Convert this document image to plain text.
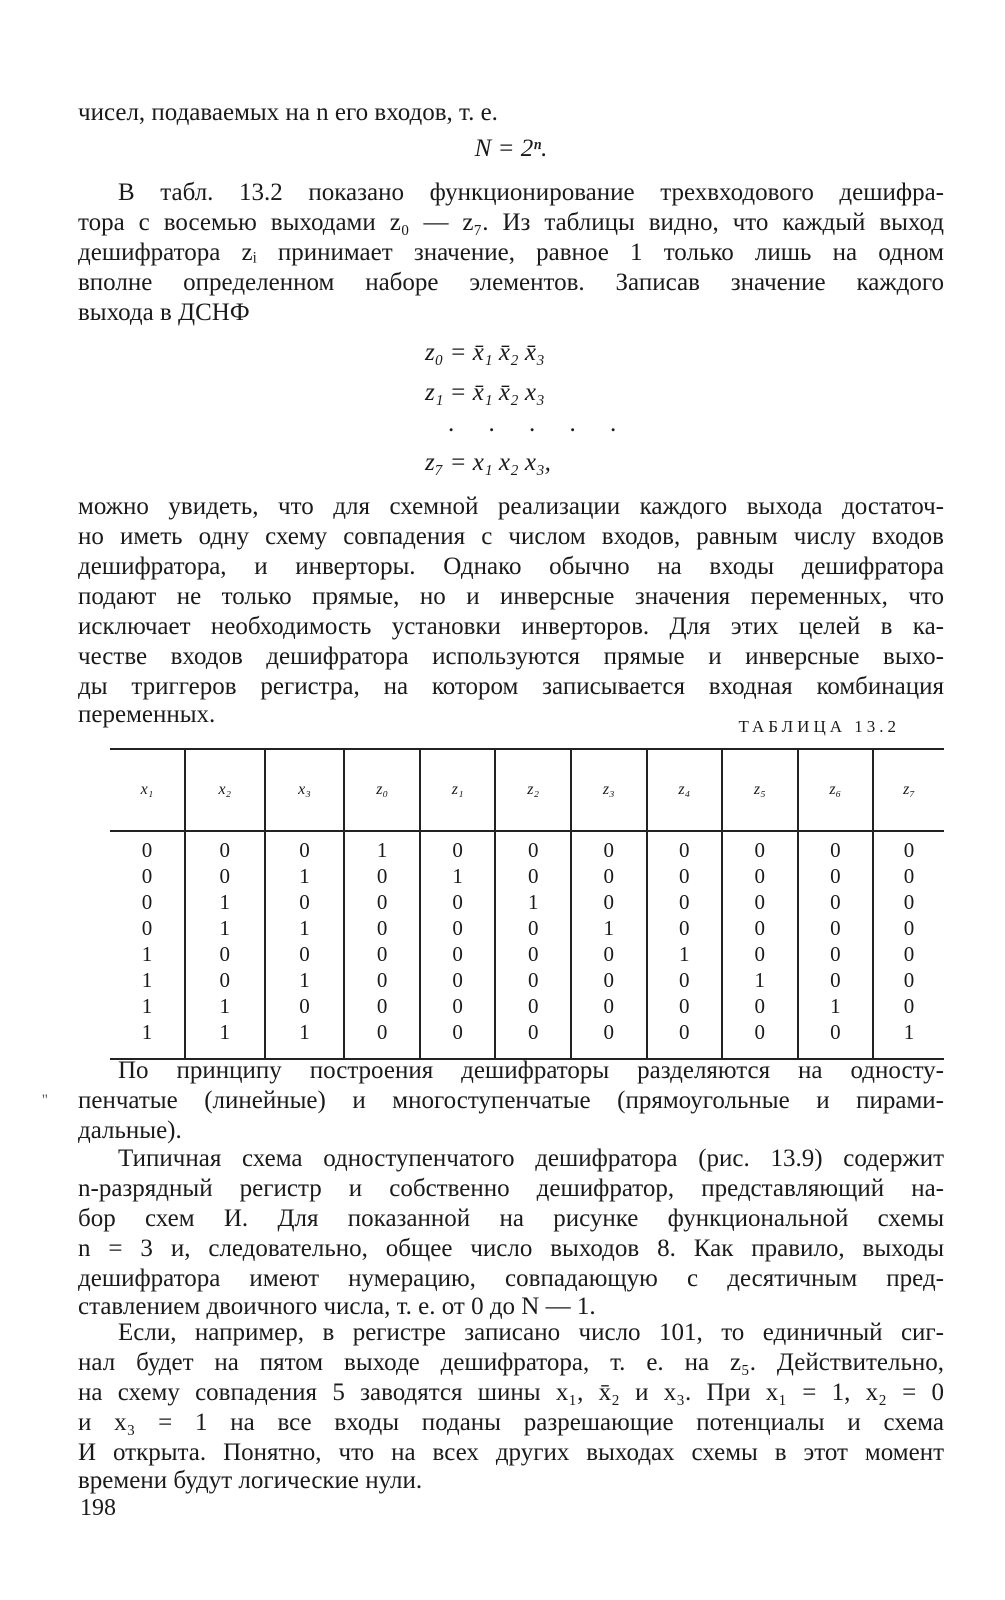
чисел, подаваемых на n его входов, т. е.
N = 2ⁿ.
В табл. 13.2 показано функционирование трехвходового дешифра-
тора с восемью выходами z₀ — z₇. Из таблицы видно, что каждый выход
дешифратора zᵢ принимает значение, равное 1 только лишь на одном
вполне определенном наборе элементов. Записав значение каждого
выхода в ДСНФ
z₀ = x̄₁ x̄₂ x̄₃
z₁ = x̄₁ x̄₂ x₃
. . . . .
z₇ = x₁ x₂ x₃,
можно увидеть, что для схемной реализации каждого выхода достаточ-
но иметь одну схему совпадения с числом входов, равным числу входов
дешифратора, и инверторы. Однако обычно на входы дешифратора
подают не только прямые, но и инверсные значения переменных, что
исключает необходимость установки инверторов. Для этих целей в ка-
честве входов дешифратора используются прямые и инверсные выхо-
ды триггеров регистра, на котором записывается входная комбинация
переменных.	ТАБЛИЦА 13.2
x₁	x₂	x₃	z₀	z₁	z₂	z₃	z₄	z₅	z₆	z₇
0	0	0	1	0	0	0	0	0	0	0
0	0	1	0	1	0	0	0	0	0	0
0	1	0	0	0	1	0	0	0	0	0
0	1	1	0	0	0	1	0	0	0	0
1	0	0	0	0	0	0	1	0	0	0
1	0	1	0	0	0	0	0	1	0	0
1	1	0	0	0	0	0	0	0	1	0
1	1	1	0	0	0	0	0	0	0	1
''
По принципу построения дешифраторы разделяются на односту-
пенчатые (линейные) и многоступенчатые (прямоугольные и пирами-
дальные).
Типичная схема одноступенчатого дешифратора (рис. 13.9) содержит
n-разрядный регистр и собственно дешифратор, представляющий на-
бор схем И. Для показанной на рисунке функциональной схемы
n = 3 и, следовательно, общее число выходов 8. Как правило, выходы
дешифратора имеют нумерацию, совпадающую с десятичным пред-
ставлением двоичного числа, т. е. от 0 до N — 1.
Если, например, в регистре записано число 101, то единичный сиг-
нал будет на пятом выходе дешифратора, т. е. на z₅. Действительно,
на схему совпадения 5 заводятся шины x₁, x̄₂ и x₃. При x₁ = 1, x₂ = 0
и x₃ = 1 на все входы поданы разрешающие потенциалы и схема
И открыта. Понятно, что на всех других выходах схемы в этот момент
времени будут логические нули.
198
